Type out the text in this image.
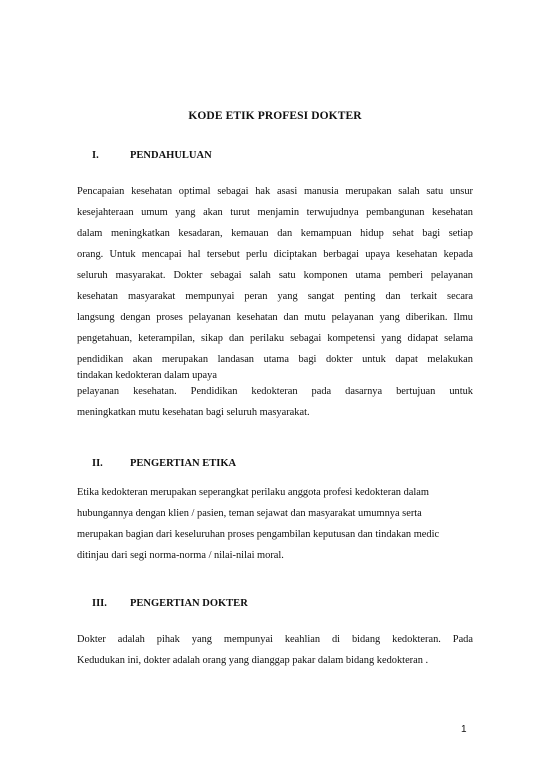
KODE ETIK PROFESI DOKTER
I.	PENDAHULUAN
Pencapaian kesehatan optimal sebagai hak asasi manusia merupakan salah satu unsur
kesejahteraan umum yang akan turut menjamin terwujudnya pembangunan kesehatan
dalam meningkatkan kesadaran, kemauan dan kemampuan hidup sehat bagi setiap
orang. Untuk mencapai hal tersebut perlu diciptakan berbagai upaya kesehatan kepada
seluruh masyarakat. Dokter sebagai salah satu komponen utama pemberi pelayanan
kesehatan masyarakat mempunyai peran yang sangat penting dan terkait secara
langsung dengan proses pelayanan kesehatan dan mutu pelayanan yang diberikan. Ilmu
pengetahuan, keterampilan, sikap dan perilaku sebagai kompetensi yang didapat selama
pendidikan akan merupakan landasan utama bagi dokter untuk dapat melakukan
tindakan kedokteran dalam upaya
pelayanan kesehatan. Pendidikan kedokteran pada dasarnya bertujuan untuk
meningkatkan mutu kesehatan bagi seluruh masyarakat.
II.	PENGERTIAN ETIKA
Etika kedokteran merupakan seperangkat perilaku anggota profesi kedokteran dalam
hubungannya dengan klien / pasien, teman sejawat dan masyarakat umumnya serta
merupakan bagian dari keseluruhan proses pengambilan keputusan dan tindakan medic
ditinjau dari segi norma-norma / nilai-nilai moral.
III. PENGERTIAN DOKTER
Dokter adalah pihak yang mempunyai keahlian di bidang kedokteran. Pada
Kedudukan ini, dokter adalah orang yang dianggap pakar dalam bidang kedokteran .
1
